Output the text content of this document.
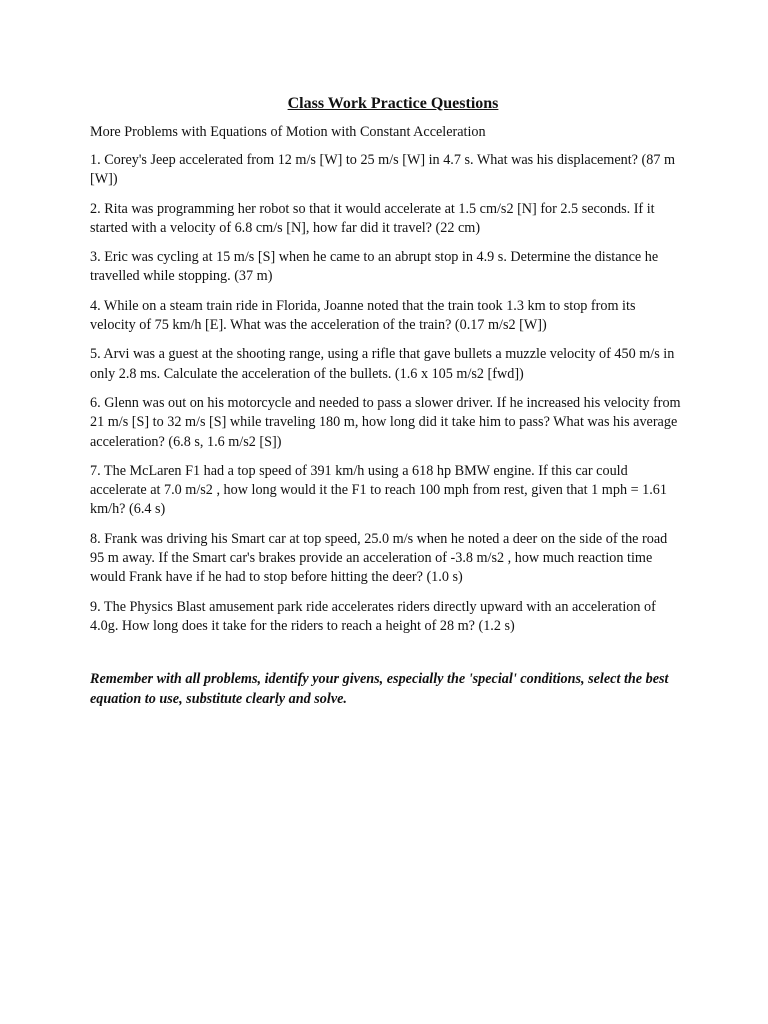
Class Work Practice Questions
More Problems with Equations of Motion with Constant Acceleration
1. Corey's Jeep accelerated from 12 m/s [W] to 25 m/s [W] in 4.7 s. What was his displacement? (87 m [W])
2. Rita was programming her robot so that it would accelerate at 1.5 cm/s2 [N] for 2.5 seconds. If it started with a velocity of 6.8 cm/s [N], how far did it travel? (22 cm)
3. Eric was cycling at 15 m/s [S] when he came to an abrupt stop in 4.9 s. Determine the distance he travelled while stopping. (37 m)
4. While on a steam train ride in Florida, Joanne noted that the train took 1.3 km to stop from its velocity of 75 km/h [E]. What was the acceleration of the train? (0.17 m/s2 [W])
5. Arvi was a guest at the shooting range, using a rifle that gave bullets a muzzle velocity of 450 m/s in only 2.8 ms. Calculate the acceleration of the bullets. (1.6 x 105 m/s2 [fwd])
6. Glenn was out on his motorcycle and needed to pass a slower driver. If he increased his velocity from 21 m/s [S] to 32 m/s [S] while traveling 180 m, how long did it take him to pass? What was his average acceleration? (6.8 s, 1.6 m/s2 [S])
7. The McLaren F1 had a top speed of 391 km/h using a 618 hp BMW engine. If this car could accelerate at 7.0 m/s2 , how long would it the F1 to reach 100 mph from rest, given that 1 mph = 1.61 km/h? (6.4 s)
8. Frank was driving his Smart car at top speed, 25.0 m/s when he noted a deer on the side of the road 95 m away. If the Smart car's brakes provide an acceleration of -3.8 m/s2 , how much reaction time would Frank have if he had to stop before hitting the deer? (1.0 s)
9. The Physics Blast amusement park ride accelerates riders directly upward with an acceleration of 4.0g. How long does it take for the riders to reach a height of 28 m? (1.2 s)
Remember with all problems, identify your givens, especially the 'special' conditions, select the best equation to use, substitute clearly and solve.
